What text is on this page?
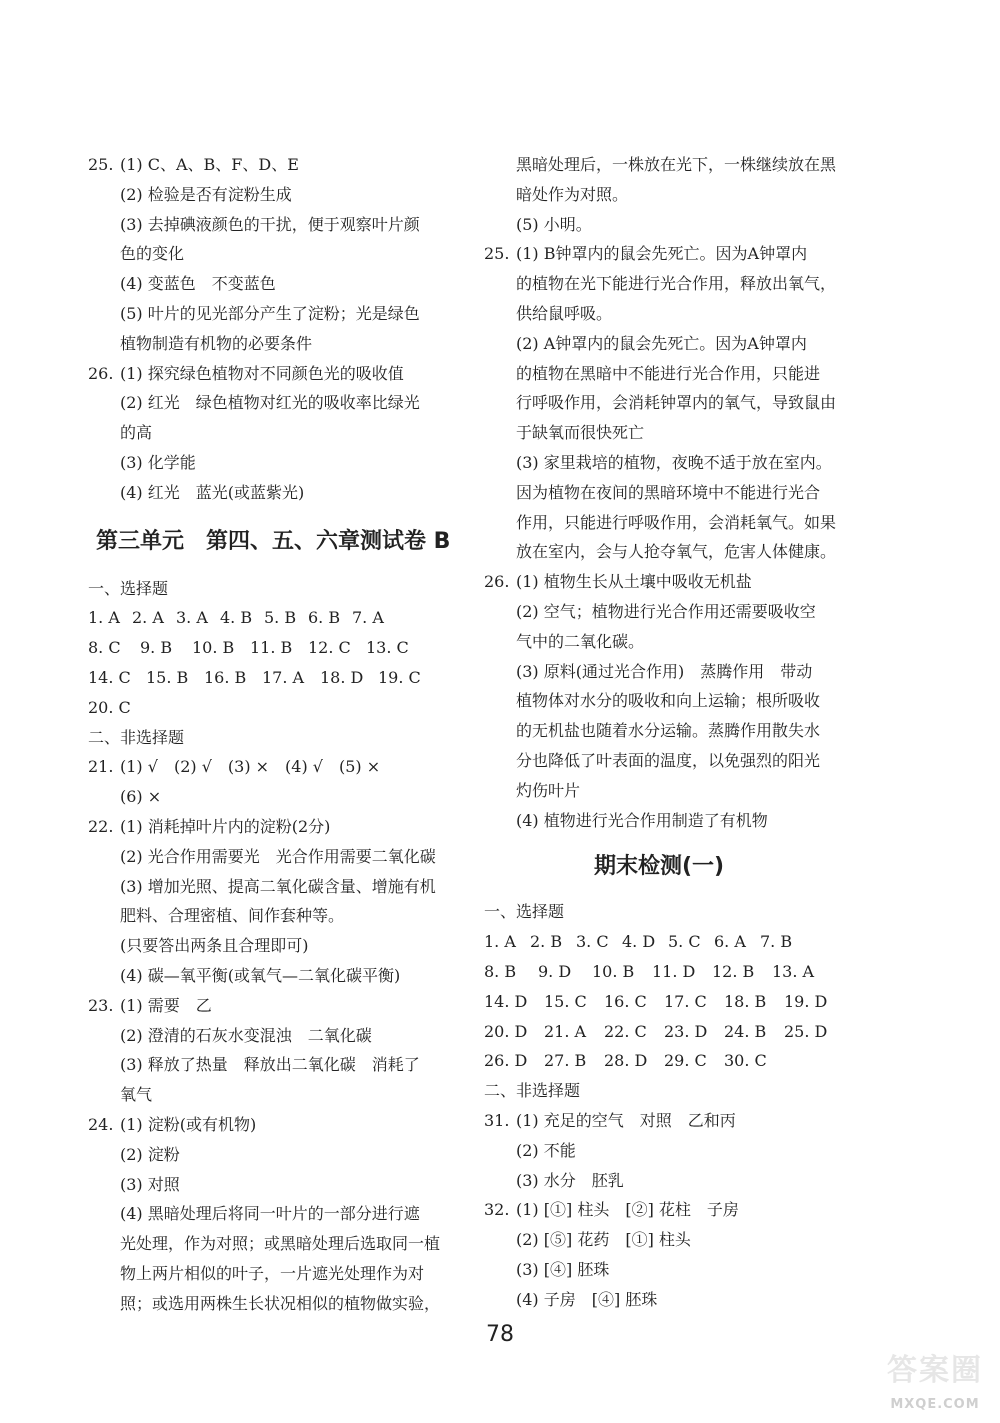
25. (1) C、A、B、F、D、E
(2) 检验是否有淀粉生成
(3) 去掉碘液颜色的干扰，便于观察叶片颜
色的变化
(4) 变蓝色　不变蓝色
(5) 叶片的见光部分产生了淀粉；光是绿色
植物制造有机物的必要条件
26. (1) 探究绿色植物对不同颜色光的吸收值
(2) 红光　绿色植物对红光的吸收率比绿光
的高
(3) 化学能
(4) 红光　蓝光(或蓝紫光)
第三单元　第四、五、六章测试卷 B
一、选择题
1. A 2. A 3. A 4. B 5. B 6. B 7. A
8. C 9. B 10. B 11. B 12. C 13. C
14. C 15. B 16. B 17. A 18. D 19. C
20. C
二、非选择题
21. (1) √　(2) √　(3) ×　(4) √　(5) ×
(6) ×
22. (1) 消耗掉叶片内的淀粉(2分)
(2) 光合作用需要光　光合作用需要二氧化碳
(3) 增加光照、提高二氧化碳含量、增施有机
肥料、合理密植、间作套种等。
(只要答出两条且合理即可)
(4) 碳—氧平衡(或氧气—二氧化碳平衡)
23. (1) 需要　乙
(2) 澄清的石灰水变混浊　二氧化碳
(3) 释放了热量　释放出二氧化碳　消耗了
氧气
24. (1) 淀粉(或有机物)
(2) 淀粉
(3) 对照
(4) 黑暗处理后将同一叶片的一部分进行遮
光处理，作为对照；或黑暗处理后选取同一植
物上两片相似的叶子，一片遮光处理作为对
照；或选用两株生长状况相似的植物做实验，
黑暗处理后，一株放在光下，一株继续放在黑
暗处作为对照。
(5) 小明。
25. (1) B钟罩内的鼠会先死亡。因为A钟罩内
的植物在光下能进行光合作用，释放出氧气，
供给鼠呼吸。
(2) A钟罩内的鼠会先死亡。因为A钟罩内
的植物在黑暗中不能进行光合作用，只能进
行呼吸作用，会消耗钟罩内的氧气，导致鼠由
于缺氧而很快死亡
(3) 家里栽培的植物，夜晚不适于放在室内。
因为植物在夜间的黑暗环境中不能进行光合
作用，只能进行呼吸作用，会消耗氧气。如果
放在室内，会与人抢夺氧气，危害人体健康。
26. (1) 植物生长从土壤中吸收无机盐
(2) 空气；植物进行光合作用还需要吸收空
气中的二氧化碳。
(3) 原料(通过光合作用)　蒸腾作用　带动
植物体对水分的吸收和向上运输；根所吸收
的无机盐也随着水分运输。蒸腾作用散失水
分也降低了叶表面的温度，以免强烈的阳光
灼伤叶片
(4) 植物进行光合作用制造了有机物
期末检测(一)
一、选择题
1. A 2. B 3. C 4. D 5. C 6. A 7. B
8. B 9. D 10. B 11. D 12. B 13. A
14. D 15. C 16. C 17. C 18. B 19. D
20. D 21. A 22. C 23. D 24. B 25. D
26. D 27. B 28. D 29. C 30. C
二、非选择题
31. (1) 充足的空气　对照　乙和丙
(2) 不能
(3) 水分　胚乳
32. (1) [①] 柱头　[②] 花柱　子房
(2) [⑤] 花药　[①] 柱头
(3) [④] 胚珠
(4) 子房　[④] 胚珠
78
答案圈
MXQE.COM
